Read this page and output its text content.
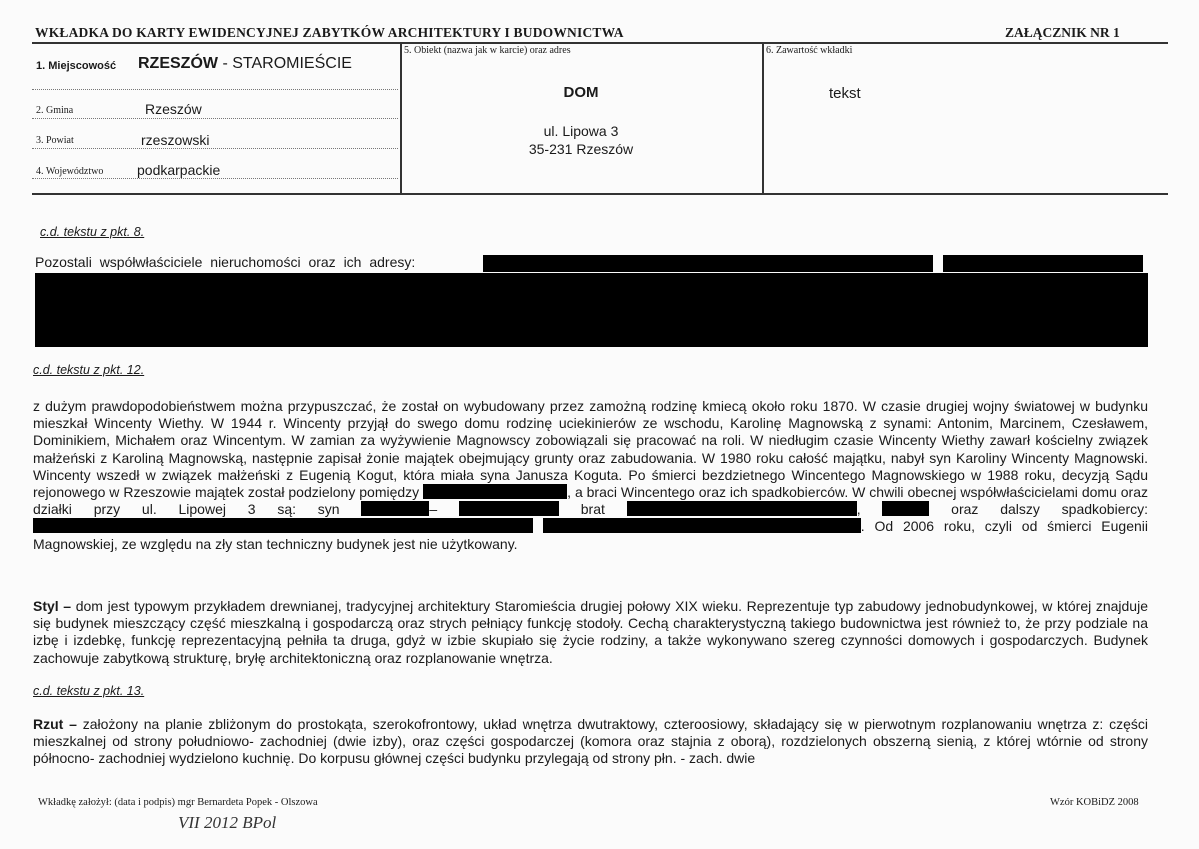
WKŁADKA DO KARTY EWIDENCYJNEJ ZABYTKÓW ARCHITEKTURY I BUDOWNICTWA	ZAŁĄCZNIK NR 1
1. Miejscowość RZESZÓW - STAROMIEŚCIE
2. Gmina	Rzeszów
3. Powiat	rzeszowski
4. Województwo podkarpackie
5. Obiekt (nazwa jak w karcie) oraz adres
DOM
ul. Lipowa 3
35-231 Rzeszów
6. Zawartość wkładki
tekst
c.d. tekstu z pkt. 8.
Pozostali współwłaściciele nieruchomości oraz ich adresy:
c.d. tekstu z pkt. 12.
z dużym prawdopodobieństwem można przypuszczać, że został on wybudowany przez zamożną rodzinę kmiecą około roku 1870. W czasie drugiej wojny światowej w budynku mieszkał Wincenty Wiethy. W 1944 r. Wincenty przyjął do swego domu rodzinę uciekinierów ze wschodu, Karolinę Magnowską z synami: Antonim, Marcinem, Czesławem, Dominikiem, Michałem oraz Wincentym. W zamian za wyżywienie Magnowscy zobowiązali się pracować na roli. W niedługim czasie Wincenty Wiethy zawarł kościelny związek małżeński z Karoliną Magnowską, następnie zapisał żonie majątek obejmujący grunty oraz zabudowania. W 1980 roku całość majątku, nabył syn Karoliny Wincenty Magnowski. Wincenty wszedł w związek małżeński z Eugenią Kogut, która miała syna Janusza Koguta. Po śmierci bezdzietnego Wincentego Magnowskiego w 1988 roku, decyzją Sądu rejonowego w Rzeszowie majątek został podzielony pomiędzy	, a braci Wincentego oraz ich spadkobierców. W chwili obecnej współwłaścicielami domu oraz działki przy ul. Lipowej 3 są: syn	–	brat	,	oraz dalszy spadkobiercy:  . Od 2006 roku, czyli od śmierci Eugenii Magnowskiej, ze względu na zły stan techniczny budynek jest nie użytkowany.
Styl – dom jest typowym przykładem drewnianej, tradycyjnej architektury Staromieścia drugiej połowy XIX wieku. Reprezentuje typ zabudowy jednobudynkowej, w której znajduje się budynek mieszczący część mieszkalną i gospodarczą oraz strych pełniący funkcję stodoły. Cechą charakterystyczną takiego budownictwa jest również to, że przy podziale na izbę i izdebkę, funkcję reprezentacyjną pełniła ta druga, gdyż w izbie skupiało się życie rodziny, a także wykonywano szereg czynności domowych i gospodarczych. Budynek zachowuje zabytkową strukturę, bryłę architektoniczną oraz rozplanowanie wnętrza.
c.d. tekstu z pkt. 13.
Rzut – założony na planie zbliżonym do prostokąta, szerokofrontowy, układ wnętrza dwutraktowy, czteroosiowy, składający się w pierwotnym rozplanowaniu wnętrza z: części mieszkalnej od strony południowo- zachodniej (dwie izby), oraz części gospodarczej (komora oraz stajnia z oborą), rozdzielonych obszerną sienią, z której wtórnie od strony północno- zachodniej wydzielono kuchnię. Do korpusu głównej części budynku przylegają od strony płn. - zach. dwie
Wkładkę założył: (data i podpis) mgr Bernardeta Popek - Olszowa	Wzór KOBiDZ 2008
VII 2012 BPol
